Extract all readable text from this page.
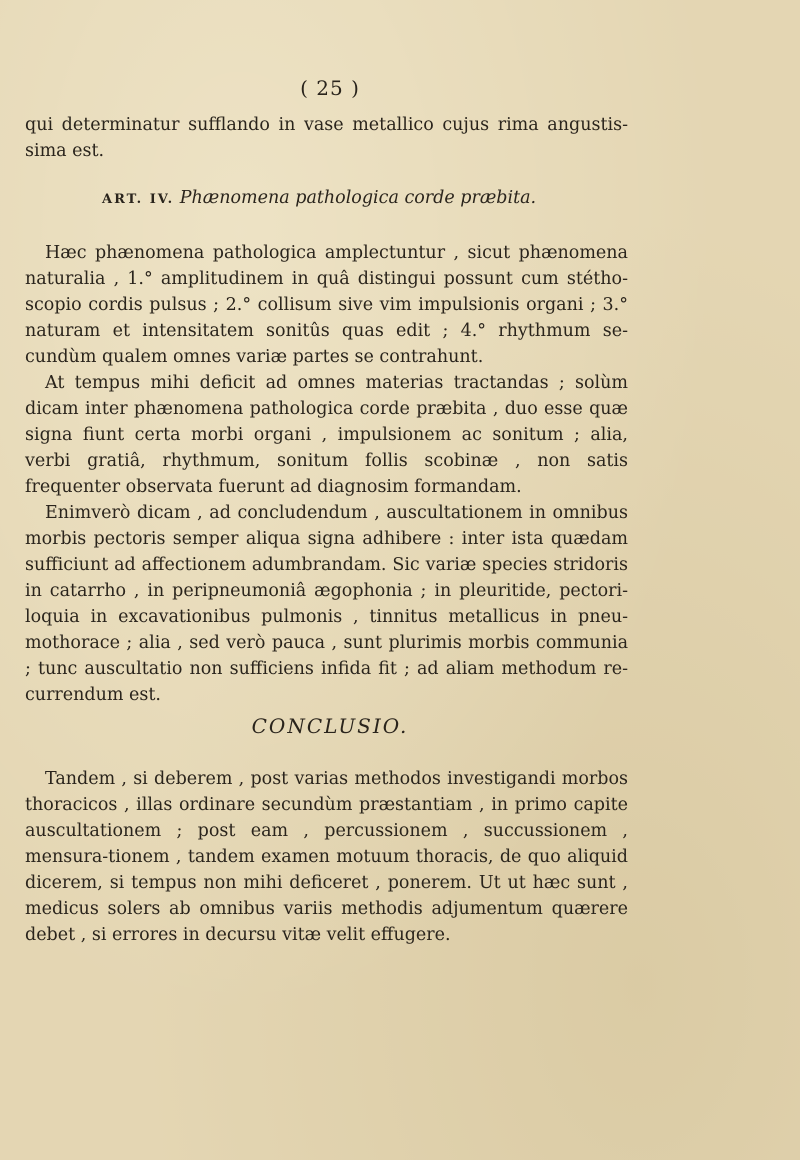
( 25 )

qui determinatur sufflando in vase metallico cujus rima angustis-

sima est.

ART. IV. Phænomena pathologica corde præbita.

Hæc phænomena pathologica amplectuntur , sicut phænomena naturalia , 1.° amplitudinem in quâ distingui possunt cum stétho-scopio cordis pulsus ; 2.° collisum sive vim impulsionis organi ; 3.° naturam et intensitatem sonitûs quas edit ; 4.° rhythmum se-cundùm qualem omnes variæ partes se contrahunt.

At tempus mihi deficit ad omnes materias tractandas ; solùm dicam inter phænomena pathologica corde præbita , duo esse quæ signa fiunt certa morbi organi , impulsionem ac sonitum ; alia, verbi gratiâ, rhythmum, sonitum follis scobinæ , non satis frequenter observata fuerunt ad diagnosim formandam.

Enimverò dicam , ad concludendum , auscultationem in omnibus morbis pectoris semper aliqua signa adhibere : inter ista quædam sufficiunt ad affectionem adumbrandam. Sic variæ species stridoris in catarrho , in peripneumoniâ ægophonia ; in pleuritide, pectori-loquia in excavationibus pulmonis , tinnitus metallicus in pneu-mothorace ; alia , sed verò pauca , sunt plurimis morbis communia ; tunc auscultatio non sufficiens infida fit ; ad aliam methodum re-currendum est.

CONCLUSIO.

Tandem , si deberem , post varias methodos investigandi morbos thoracicos , illas ordinare secundùm præstantiam , in primo capite auscultationem ; post eam , percussionem , succussionem , mensura-tionem , tandem examen motuum thoracis, de quo aliquid dicerem, si tempus non mihi deficeret , ponerem. Ut ut hæc sunt , medicus solers ab omnibus variis methodis adjumentum quærere debet , si errores in decursu vitæ velit effugere.
